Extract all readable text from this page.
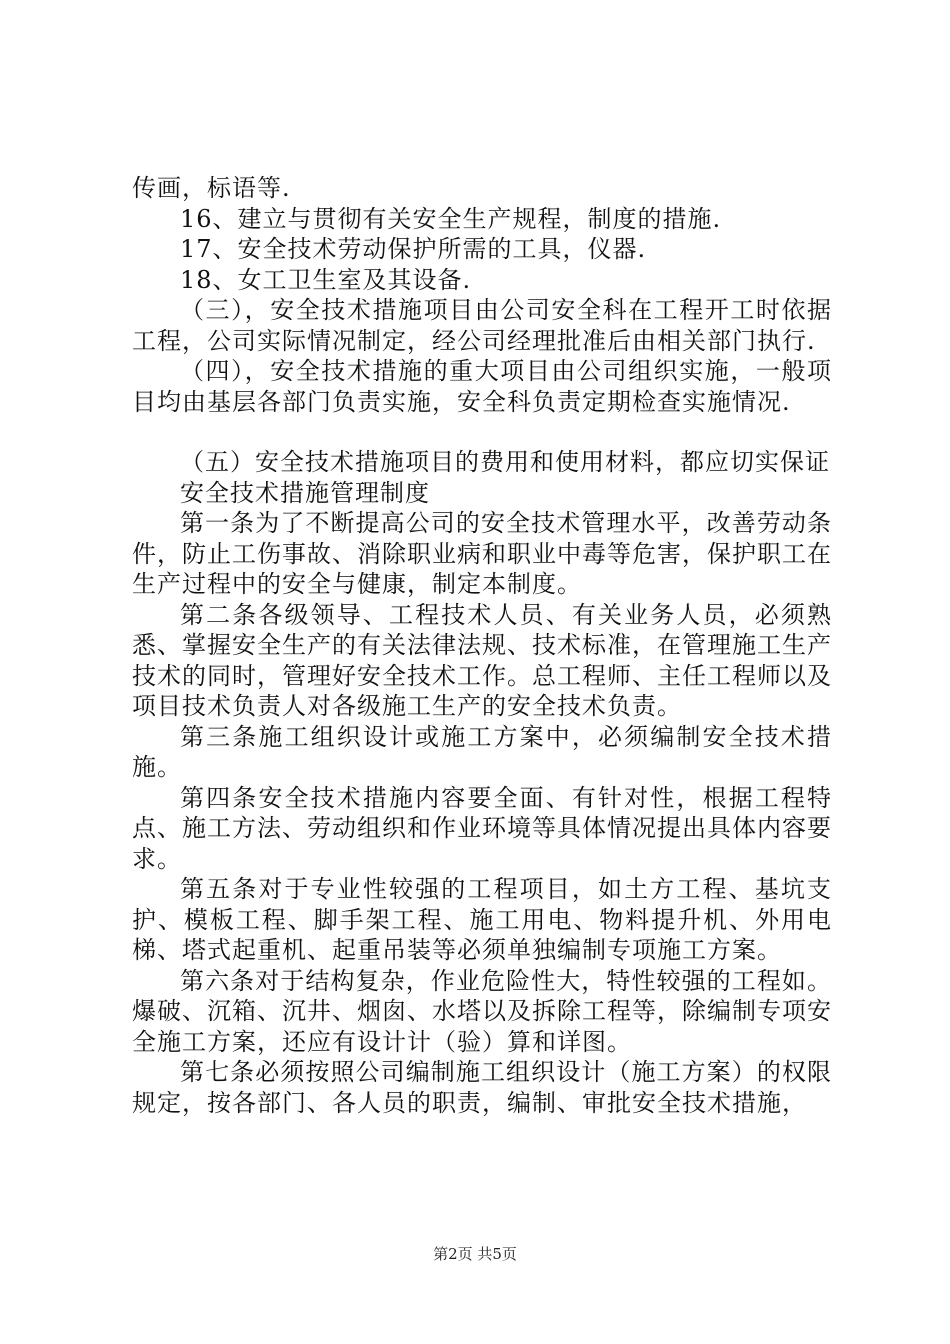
传画，标语等.

16、建立与贯彻有关安全生产规程，制度的措施.

17、安全技术劳动保护所需的工具，仪器.

18、女工卫生室及其设备.

（三），安全技术措施项目由公司安全科在工程开工时依据工程，公司实际情况制定，经公司经理批准后由相关部门执行.

（四），安全技术措施的重大项目由公司组织实施，一般项目均由基层各部门负责实施，安全科负责定期检查实施情况.

（五）安全技术措施项目的费用和使用材料，都应切实保证

安全技术措施管理制度

第一条为了不断提高公司的安全技术管理水平，改善劳动条件，防止工伤事故、消除职业病和职业中毒等危害，保护职工在生产过程中的安全与健康，制定本制度。

第二条各级领导、工程技术人员、有关业务人员，必须熟悉、掌握安全生产的有关法律法规、技术标准，在管理施工生产技术的同时，管理好安全技术工作。总工程师、主任工程师以及项目技术负责人对各级施工生产的安全技术负责。

第三条施工组织设计或施工方案中，必须编制安全技术措施。

第四条安全技术措施内容要全面、有针对性，根据工程特点、施工方法、劳动组织和作业环境等具体情况提出具体内容要求。

第五条对于专业性较强的工程项目，如土方工程、基坑支护、模板工程、脚手架工程、施工用电、物料提升机、外用电梯、塔式起重机、起重吊装等必须单独编制专项施工方案。

第六条对于结构复杂，作业危险性大，特性较强的工程如。爆破、沉箱、沉井、烟囱、水塔以及拆除工程等，除编制专项安全施工方案，还应有设计计（验）算和详图。

第七条必须按照公司编制施工组织设计（施工方案）的权限规定，按各部门、各人员的职责，编制、审批安全技术措施，

第2页 共5页
